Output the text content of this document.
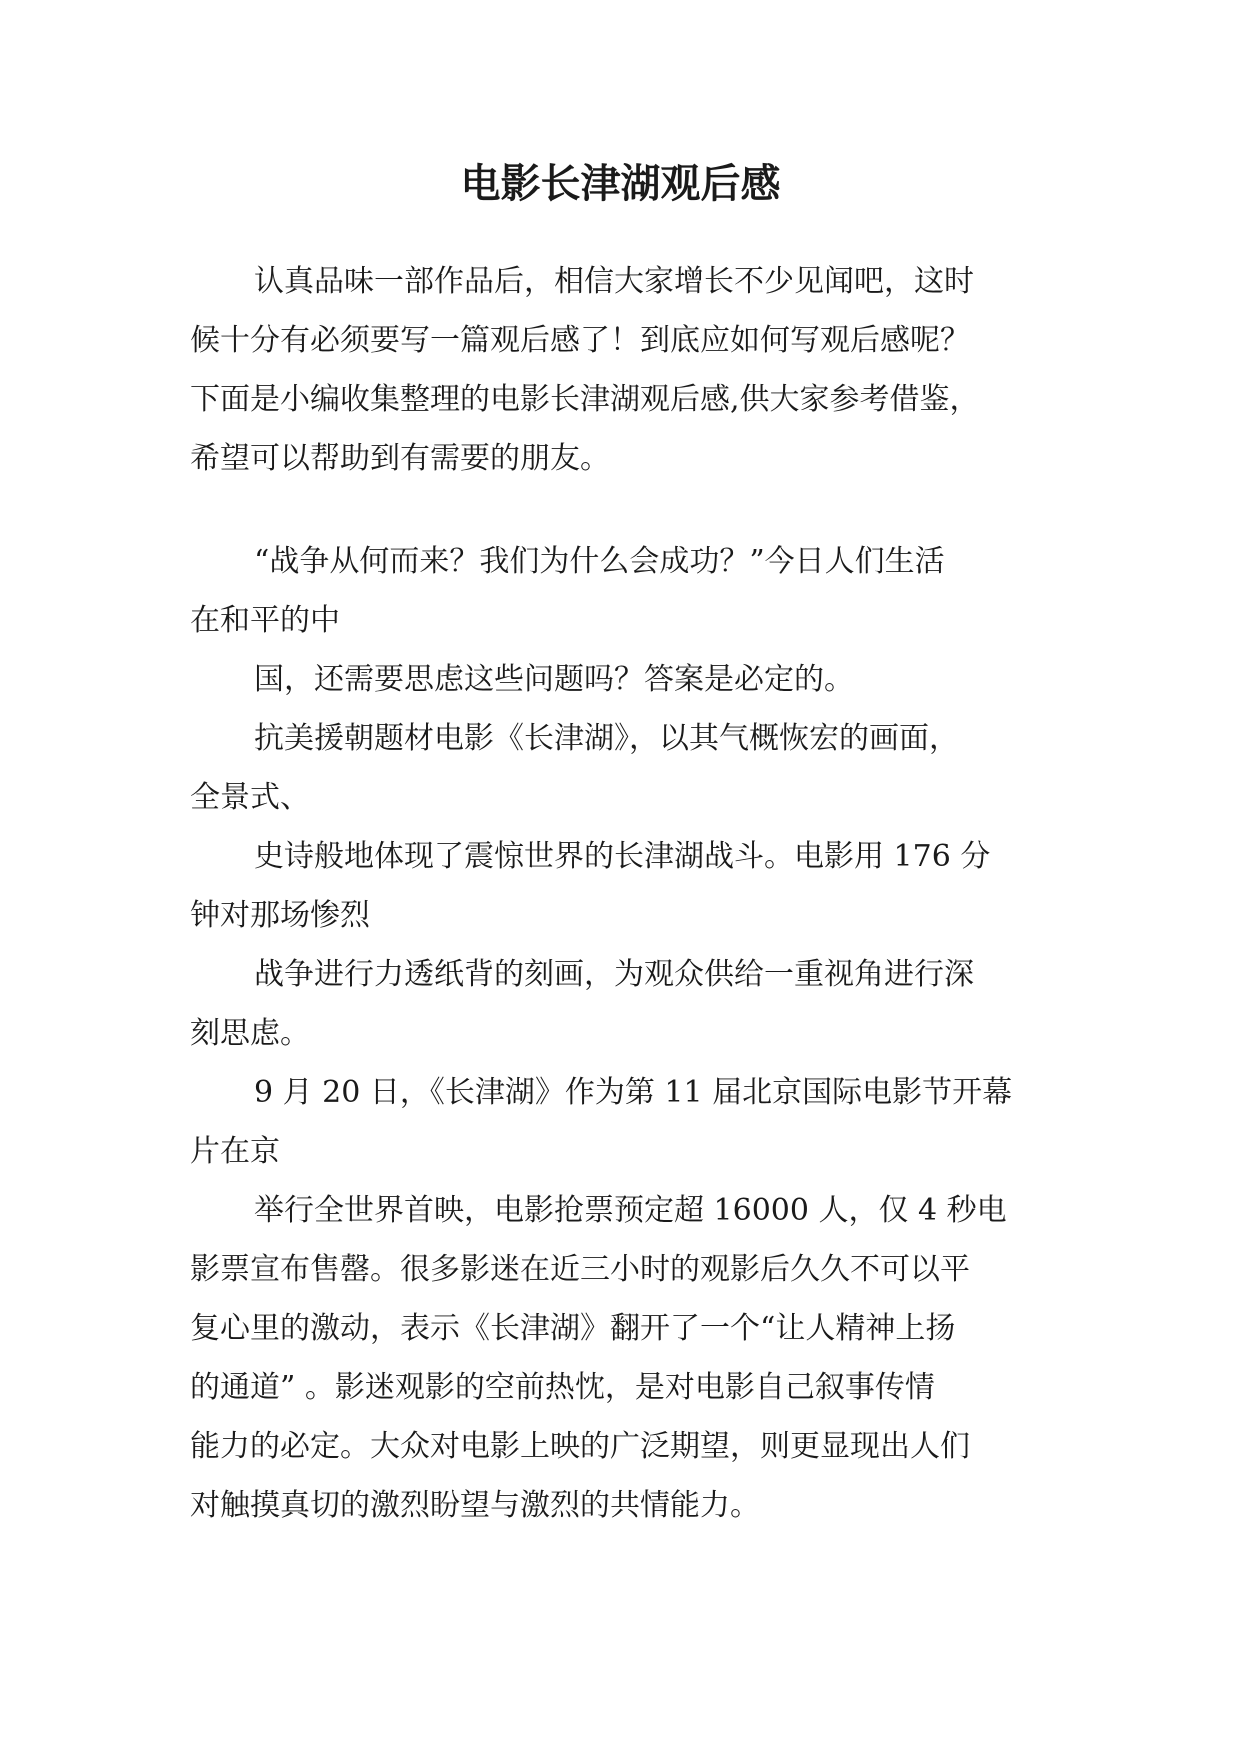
电影长津湖观后感
认真品味一部作品后，相信大家增长不少见闻吧，这时
候十分有必须要写一篇观后感了！到底应如何写观后感呢？
下面是小编收集整理的电影长津湖观后感,供大家参考借鉴，
希望可以帮助到有需要的朋友。
“战争从何而来？我们为什么会成功？”今日人们生活
在和平的中
国，还需要思虑这些问题吗？答案是必定的。
抗美援朝题材电影《长津湖》，以其气概恢宏的画面，
全景式、
史诗般地体现了震惊世界的长津湖战斗。电影用 176 分
钟对那场惨烈
战争进行力透纸背的刻画，为观众供给一重视角进行深
刻思虑。
9 月 20 日，《长津湖》作为第 11 届北京国际电影节开幕
片在京
举行全世界首映，电影抢票预定超 16000 人，仅 4 秒电
影票宣布售罄。很多影迷在近三小时的观影后久久不可以平
复心里的激动，表示《长津湖》翻开了一个“让人精神上扬
的通道” 。影迷观影的空前热忱，是对电影自己叙事传情
能力的必定。大众对电影上映的广泛期望，则更显现出人们
对触摸真切的激烈盼望与激烈的共情能力。
